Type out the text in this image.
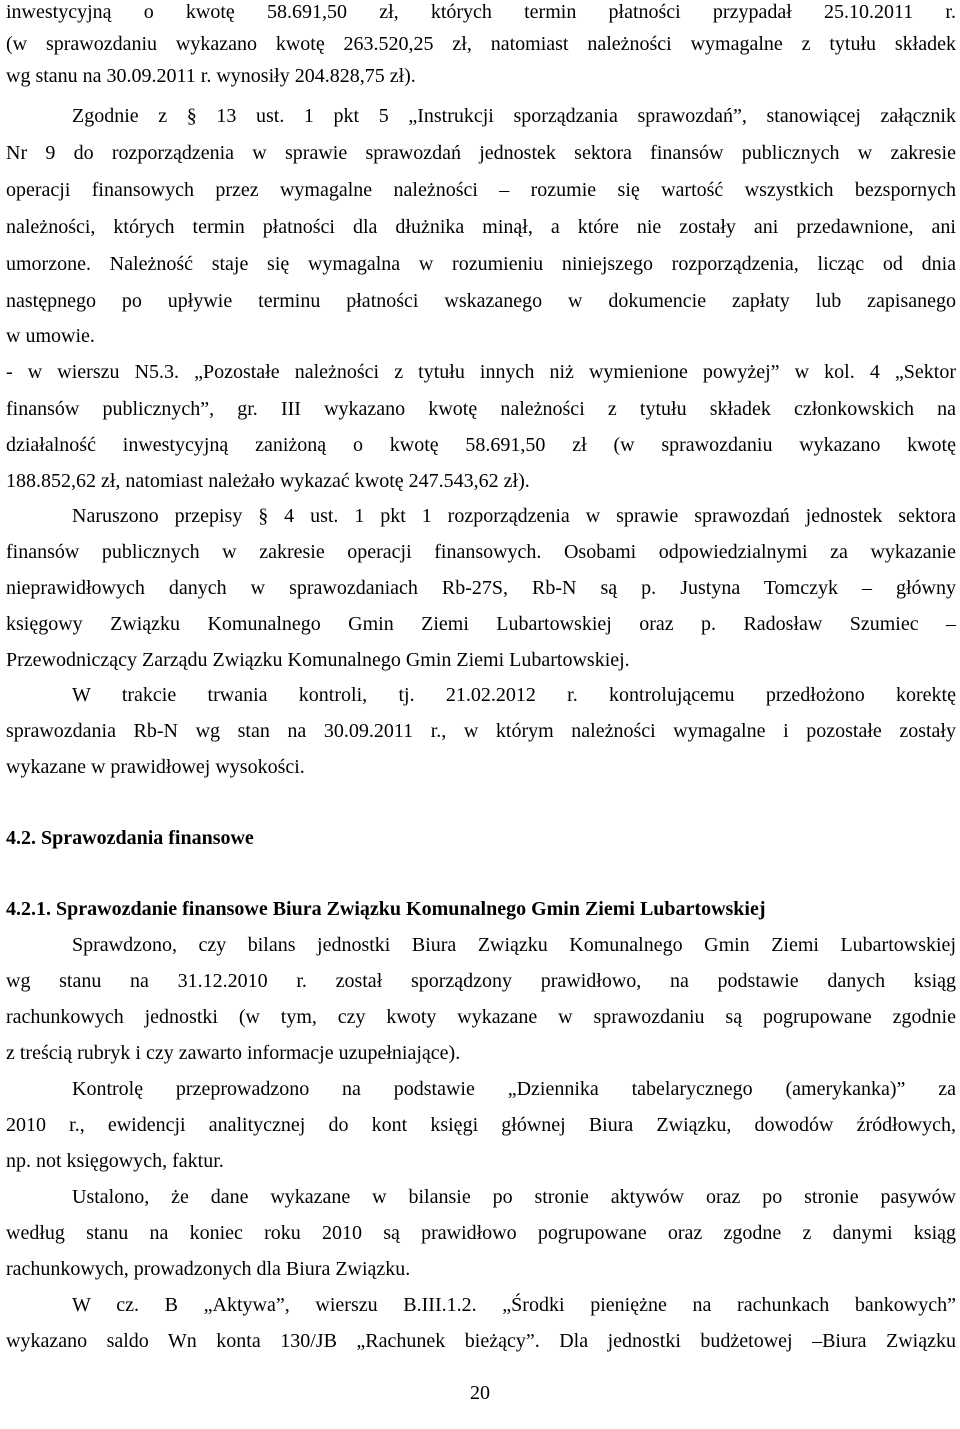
inwestycyjną o kwotę 58.691,50 zł, których termin płatności przypadał 25.10.2011 r.
(w sprawozdaniu wykazano kwotę 263.520,25 zł, natomiast należności wymagalne z tytułu składek
wg stanu na 30.09.2011 r. wynosiły 204.828,75 zł).
Zgodnie z § 13 ust. 1 pkt 5 „Instrukcji sporządzania sprawozdań”, stanowiącej załącznik
Nr 9 do rozporządzenia w sprawie sprawozdań jednostek sektora finansów publicznych w zakresie
operacji finansowych przez wymagalne należności – rozumie się wartość wszystkich bezspornych
należności, których termin płatności dla dłużnika minął, a które nie zostały ani przedawnione, ani
umorzone. Należność staje się wymagalna w rozumieniu niniejszego rozporządzenia, licząc od dnia
następnego po upływie terminu płatności wskazanego w dokumencie zapłaty lub zapisanego
w umowie.
- w wierszu N5.3. „Pozostałe należności z tytułu innych niż wymienione powyżej” w kol. 4 „Sektor
finansów publicznych”, gr. III wykazano kwotę należności z tytułu składek członkowskich na
działalność inwestycyjną zaniżoną o kwotę 58.691,50 zł (w sprawozdaniu wykazano kwotę
188.852,62 zł, natomiast należało wykazać kwotę 247.543,62 zł).
Naruszono przepisy § 4 ust. 1 pkt 1 rozporządzenia w sprawie sprawozdań jednostek sektora
finansów publicznych w zakresie operacji finansowych. Osobami odpowiedzialnymi za wykazanie
nieprawidłowych danych w sprawozdaniach Rb-27S, Rb-N są p. Justyna Tomczyk – główny
księgowy Związku Komunalnego Gmin Ziemi Lubartowskiej oraz p. Radosław Szumiec –
Przewodniczący Zarządu Związku Komunalnego Gmin Ziemi Lubartowskiej.
W trakcie trwania kontroli, tj. 21.02.2012 r. kontrolującemu przedłożono korektę
sprawozdania Rb-N wg stan na 30.09.2011 r., w którym należności wymagalne i pozostałe zostały
wykazane w prawidłowej wysokości.
4.2. Sprawozdania finansowe
4.2.1. Sprawozdanie finansowe Biura Związku Komunalnego Gmin Ziemi Lubartowskiej
Sprawdzono, czy bilans jednostki Biura Związku Komunalnego Gmin Ziemi Lubartowskiej
wg stanu na 31.12.2010 r. został sporządzony prawidłowo, na podstawie danych ksiąg
rachunkowych jednostki (w tym, czy kwoty wykazane w sprawozdaniu są pogrupowane zgodnie
z treścią rubryk i czy zawarto informacje uzupełniające).
Kontrolę przeprowadzono na podstawie „Dziennika tabelarycznego (amerykanka)” za
2010 r., ewidencji analitycznej do kont księgi głównej Biura Związku, dowodów źródłowych,
np. not księgowych, faktur.
Ustalono, że dane wykazane w bilansie po stronie aktywów oraz po stronie pasywów
według stanu na koniec roku 2010 są prawidłowo pogrupowane oraz zgodne z danymi ksiąg
rachunkowych, prowadzonych dla Biura Związku.
W cz. B „Aktywa”, wierszu B.III.1.2. „Środki pieniężne na rachunkach bankowych”
wykazano saldo Wn konta 130/JB „Rachunek bieżący”. Dla jednostki budżetowej –Biura Związku
20
